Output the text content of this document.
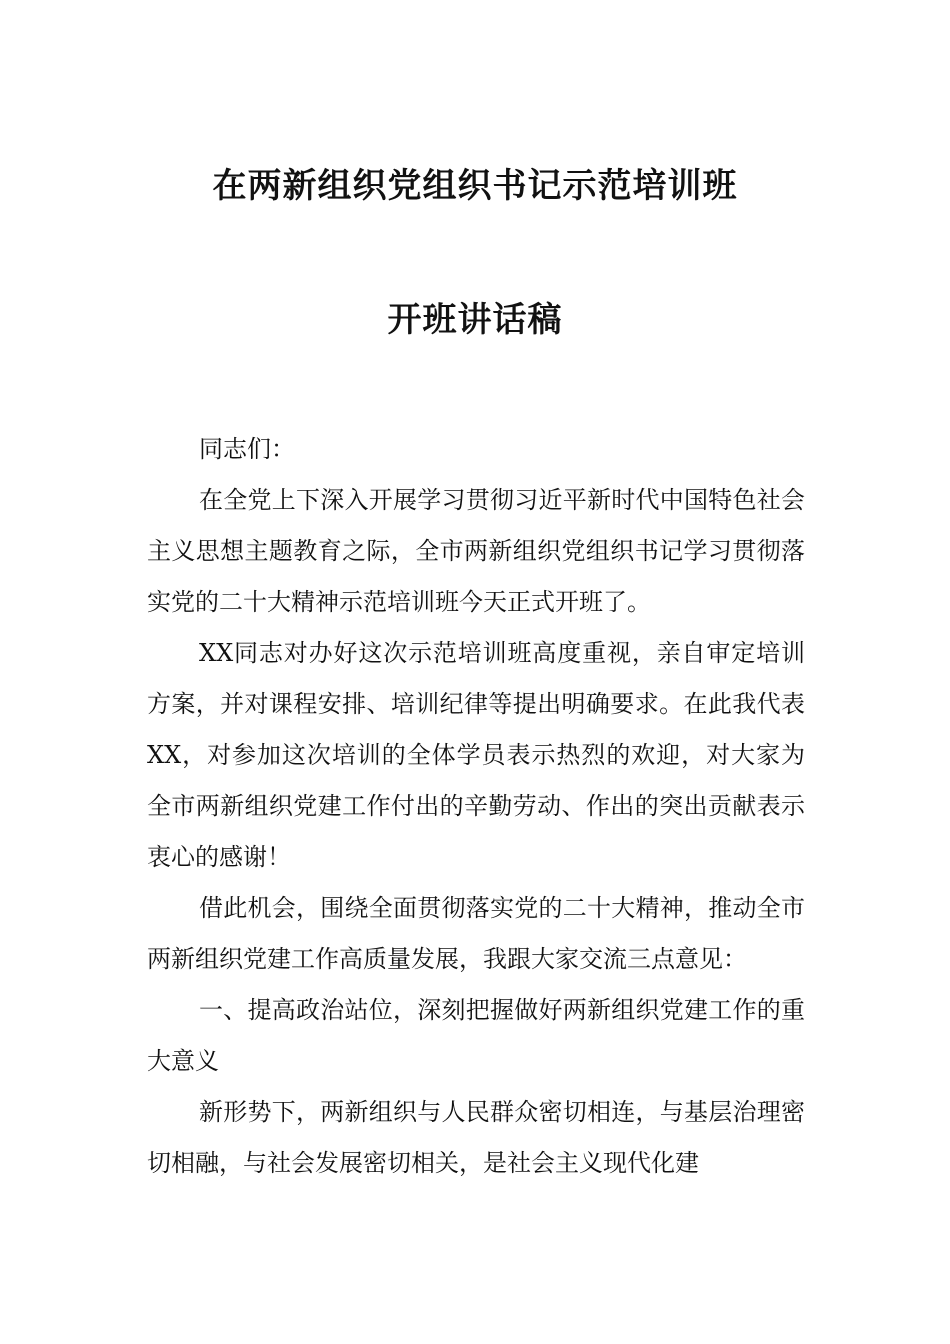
在两新组织党组织书记示范培训班
开班讲话稿

同志们：

在全党上下深入开展学习贯彻习近平新时代中国特色社会主义思想主题教育之际，全市两新组织党组织书记学习贯彻落实党的二十大精神示范培训班今天正式开班了。

XX同志对办好这次示范培训班高度重视，亲自审定培训方案，并对课程安排、培训纪律等提出明确要求。在此我代表XX，对参加这次培训的全体学员表示热烈的欢迎，对大家为全市两新组织党建工作付出的辛勤劳动、作出的突出贡献表示衷心的感谢！

借此机会，围绕全面贯彻落实党的二十大精神，推动全市两新组织党建工作高质量发展，我跟大家交流三点意见：

一、提高政治站位，深刻把握做好两新组织党建工作的重大意义

新形势下，两新组织与人民群众密切相连，与基层治理密切相融，与社会发展密切相关，是社会主义现代化建
